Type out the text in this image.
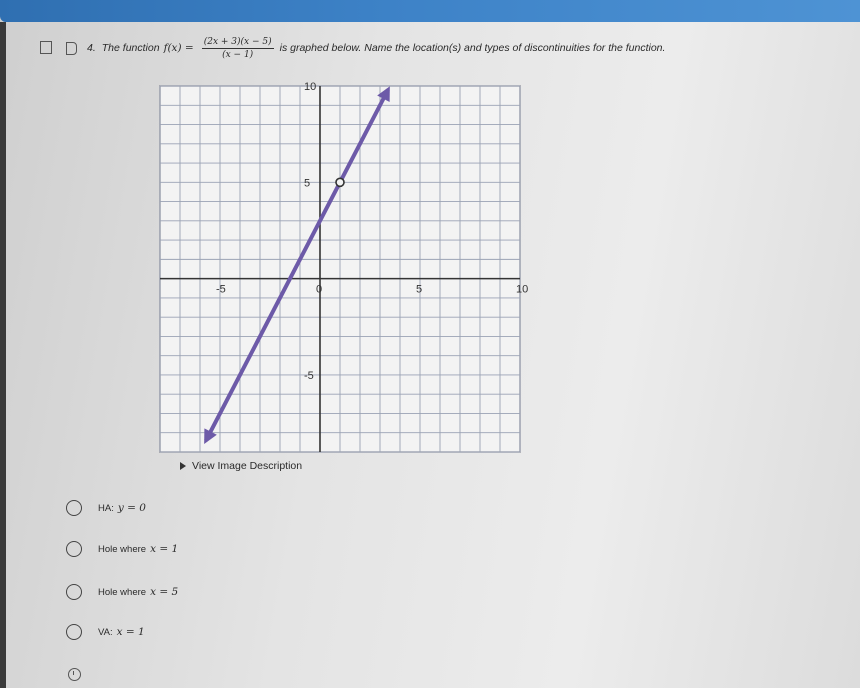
4. The function $f(x) = \frac{(2x + 3)(x - 5)}{(x - 1)}$ is graphed below. Name the location(s) and types of discontinuities for the function.
-5	0	5	10
10
5
-5
View Image Description
HA: y = 0
Hole where x = 1
Hole where x = 5
VA: x = 1
